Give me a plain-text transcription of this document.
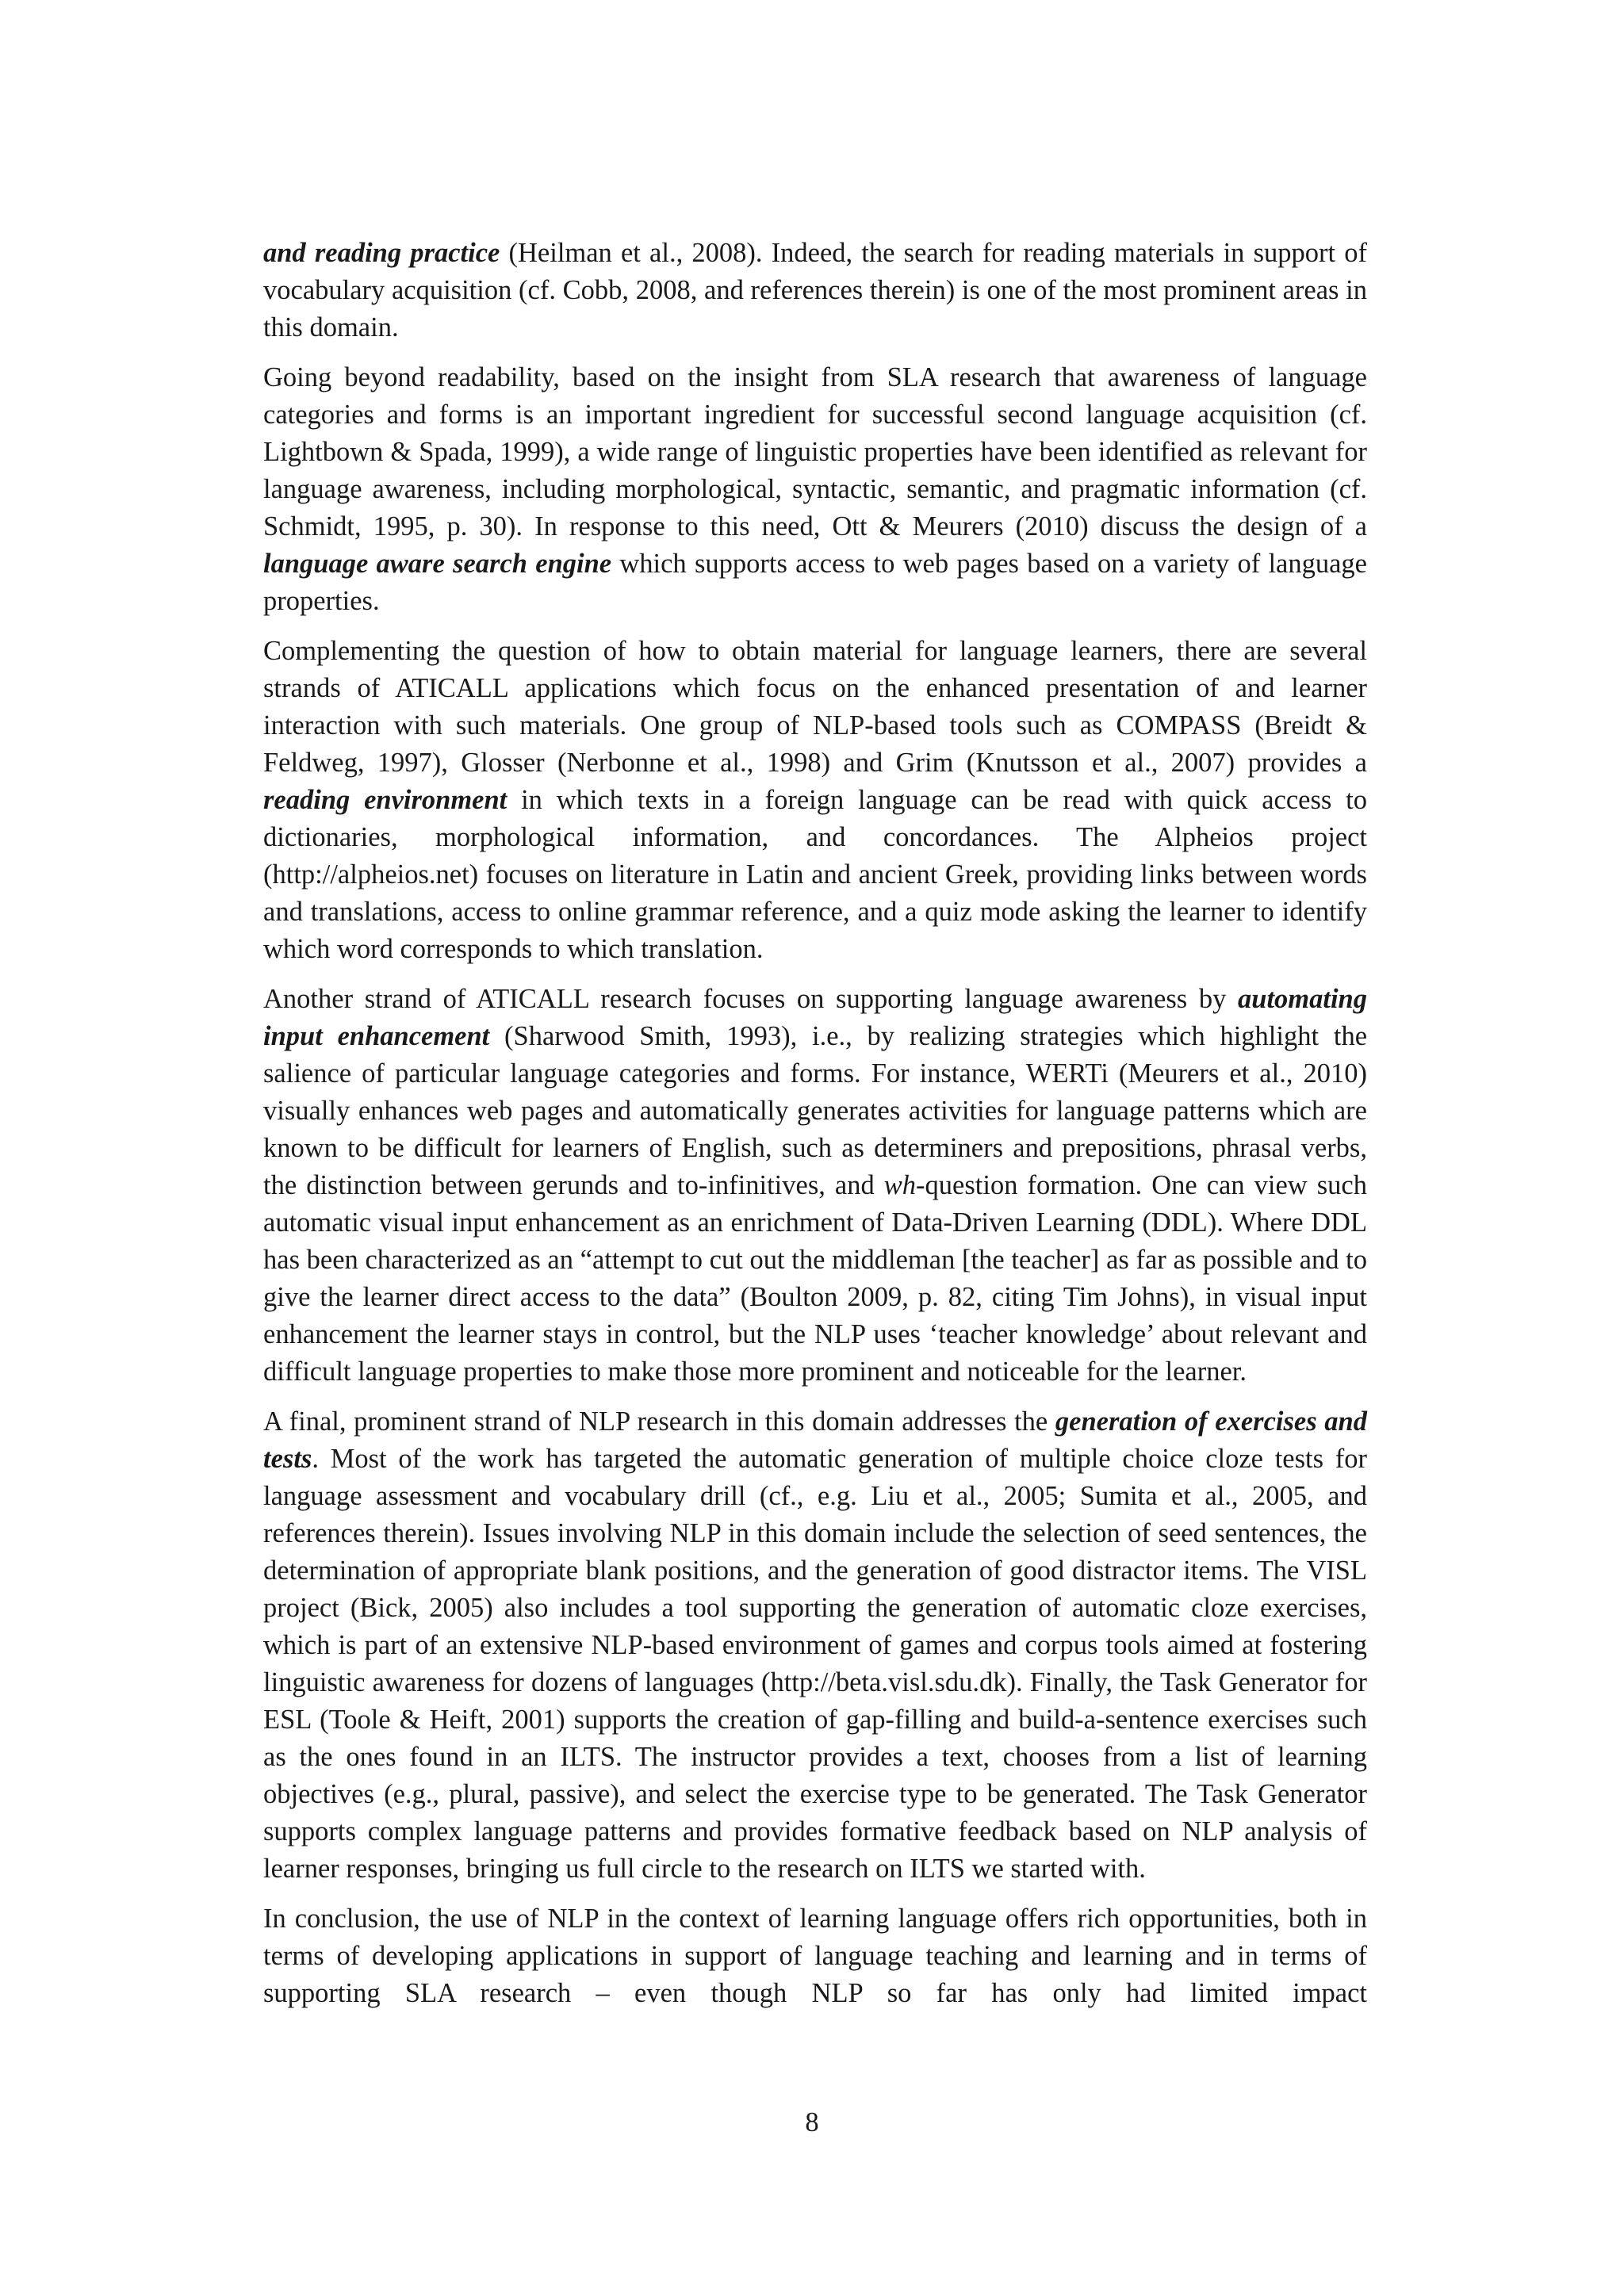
and reading practice (Heilman et al., 2008). Indeed, the search for reading materials in support of vocabulary acquisition (cf. Cobb, 2008, and references therein) is one of the most prominent areas in this domain.

Going beyond readability, based on the insight from SLA research that awareness of language categories and forms is an important ingredient for successful second language acquisition (cf. Lightbown & Spada, 1999), a wide range of linguistic properties have been identified as relevant for language awareness, including morphological, syntactic, semantic, and pragmatic information (cf. Schmidt, 1995, p. 30). In response to this need, Ott & Meurers (2010) discuss the design of a language aware search engine which supports access to web pages based on a variety of language properties.

Complementing the question of how to obtain material for language learners, there are several strands of ATICALL applications which focus on the enhanced presentation of and learner interaction with such materials. One group of NLP-based tools such as COMPASS (Breidt & Feldweg, 1997), Glosser (Nerbonne et al., 1998) and Grim (Knutsson et al., 2007) provides a reading environment in which texts in a foreign language can be read with quick access to dictionaries, morphological information, and concordances. The Alpheios project (http://alpheios.net) focuses on literature in Latin and ancient Greek, providing links between words and translations, access to online grammar reference, and a quiz mode asking the learner to identify which word corresponds to which translation.

Another strand of ATICALL research focuses on supporting language awareness by automating input enhancement (Sharwood Smith, 1993), i.e., by realizing strategies which highlight the salience of particular language categories and forms. For instance, WERTi (Meurers et al., 2010) visually enhances web pages and automatically generates activities for language patterns which are known to be difficult for learners of English, such as determiners and prepositions, phrasal verbs, the distinction between gerunds and to-infinitives, and wh-question formation. One can view such automatic visual input enhancement as an enrichment of Data-Driven Learning (DDL). Where DDL has been characterized as an “attempt to cut out the middleman [the teacher] as far as possible and to give the learner direct access to the data” (Boulton 2009, p. 82, citing Tim Johns), in visual input enhancement the learner stays in control, but the NLP uses ‘teacher knowledge’ about relevant and difficult language properties to make those more prominent and noticeable for the learner.

A final, prominent strand of NLP research in this domain addresses the generation of exercises and tests. Most of the work has targeted the automatic generation of multiple choice cloze tests for language assessment and vocabulary drill (cf., e.g. Liu et al., 2005; Sumita et al., 2005, and references therein). Issues involving NLP in this domain include the selection of seed sentences, the determination of appropriate blank positions, and the generation of good distractor items. The VISL project (Bick, 2005) also includes a tool supporting the generation of automatic cloze exercises, which is part of an extensive NLP-based environment of games and corpus tools aimed at fostering linguistic awareness for dozens of languages (http://beta.visl.sdu.dk). Finally, the Task Generator for ESL (Toole & Heift, 2001) supports the creation of gap-filling and build-a-sentence exercises such as the ones found in an ILTS. The instructor provides a text, chooses from a list of learning objectives (e.g., plural, passive), and select the exercise type to be generated. The Task Generator supports complex language patterns and provides formative feedback based on NLP analysis of learner responses, bringing us full circle to the research on ILTS we started with.

In conclusion, the use of NLP in the context of learning language offers rich opportunities, both in terms of developing applications in support of language teaching and learning and in terms of supporting SLA research – even though NLP so far has only had limited impact

8
